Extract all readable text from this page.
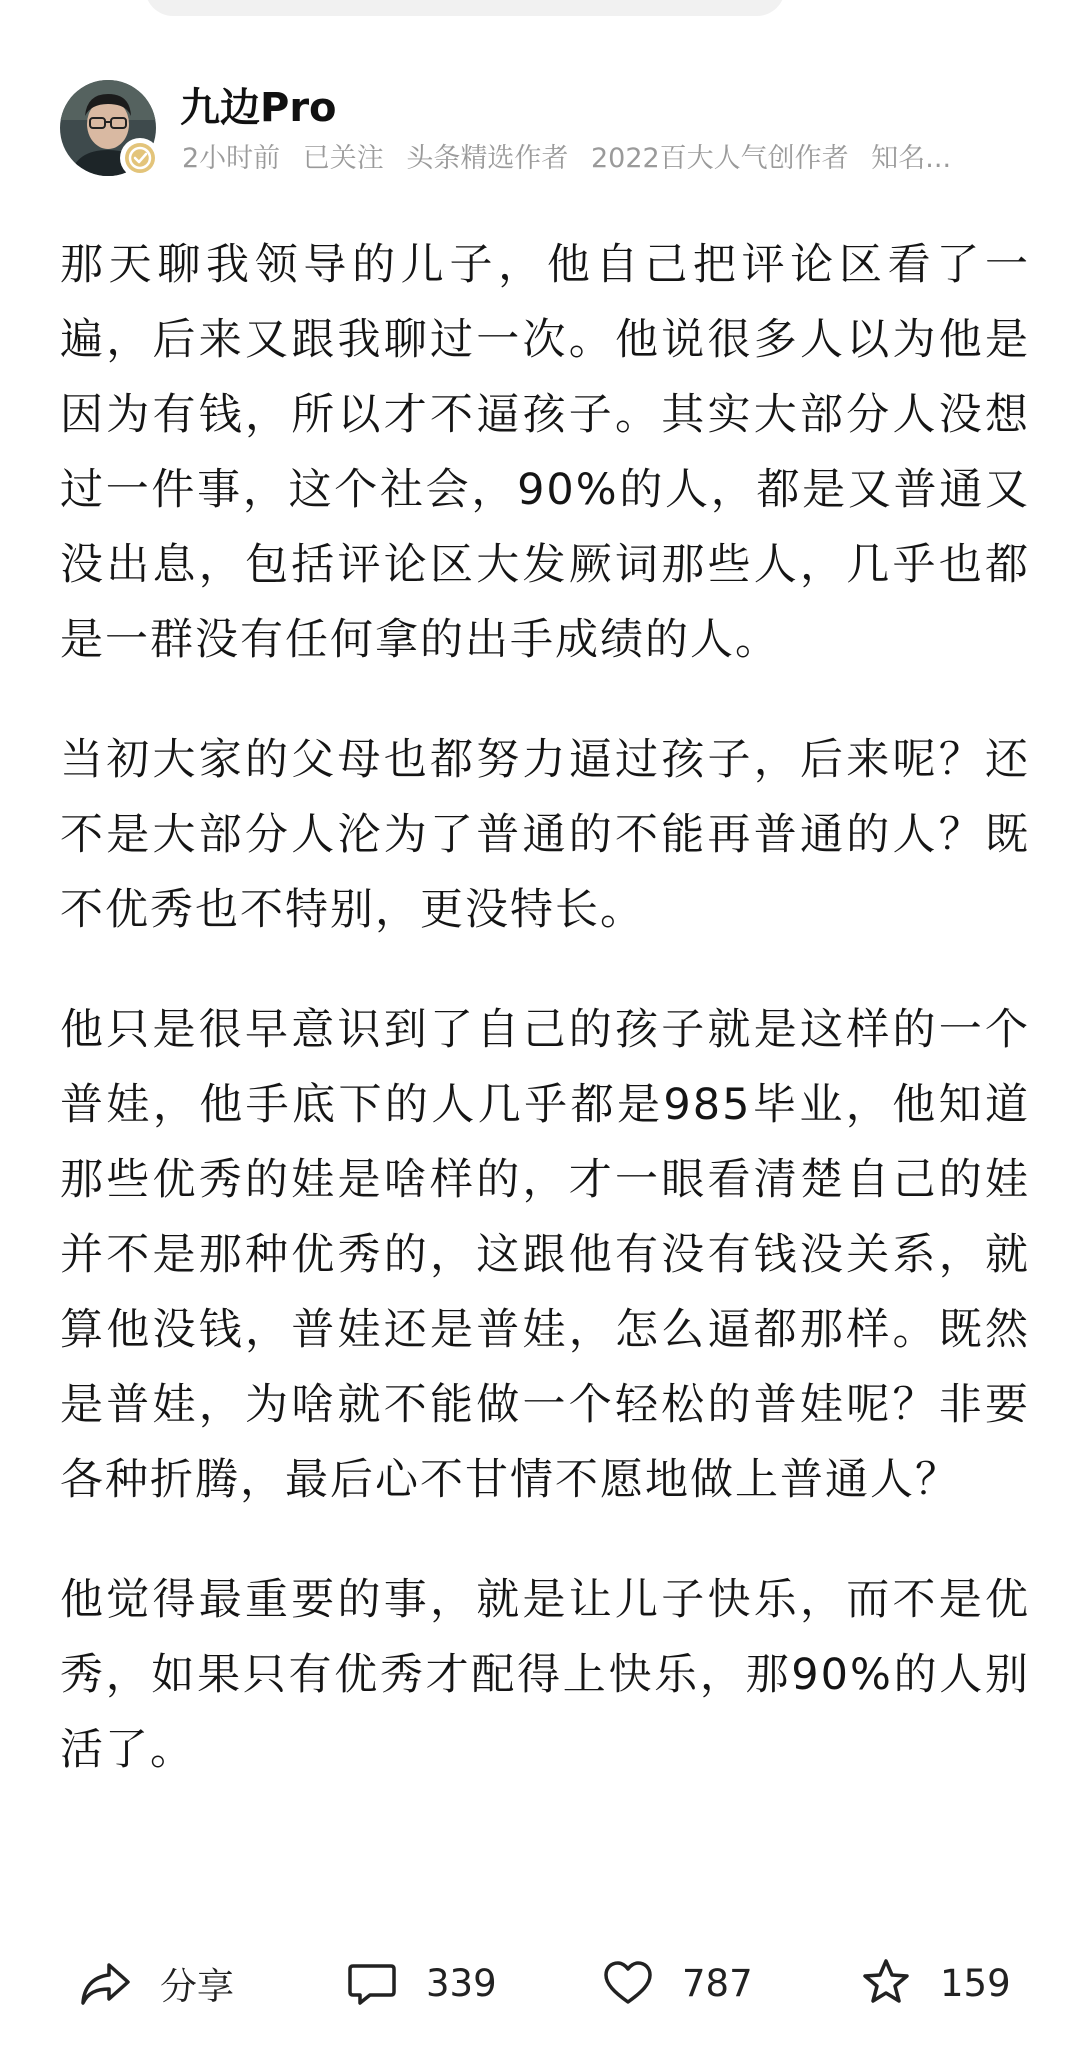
九边Pro
2小时前 已关注 头条精选作者 2022百大人气创作者 知名...

那天聊我领导的儿子，他自己把评论区看了一遍，后来又跟我聊过一次。他说很多人以为他是因为有钱，所以才不逼孩子。其实大部分人没想过一件事，这个社会，90%的人，都是又普通又没出息，包括评论区大发厥词那些人，几乎也都是一群没有任何拿的出手成绩的人。

当初大家的父母也都努力逼过孩子，后来呢？还不是大部分人沦为了普通的不能再普通的人？既不优秀也不特别，更没特长。

他只是很早意识到了自己的孩子就是这样的一个普娃，他手底下的人几乎都是985毕业，他知道那些优秀的娃是啥样的，才一眼看清楚自己的娃并不是那种优秀的，这跟他有没有钱没关系，就算他没钱，普娃还是普娃，怎么逼都那样。既然是普娃，为啥就不能做一个轻松的普娃呢？非要各种折腾，最后心不甘情不愿地做上普通人？

他觉得最重要的事，就是让儿子快乐，而不是优秀，如果只有优秀才配得上快乐，那90%的人别活了。

分享	339	787	159
